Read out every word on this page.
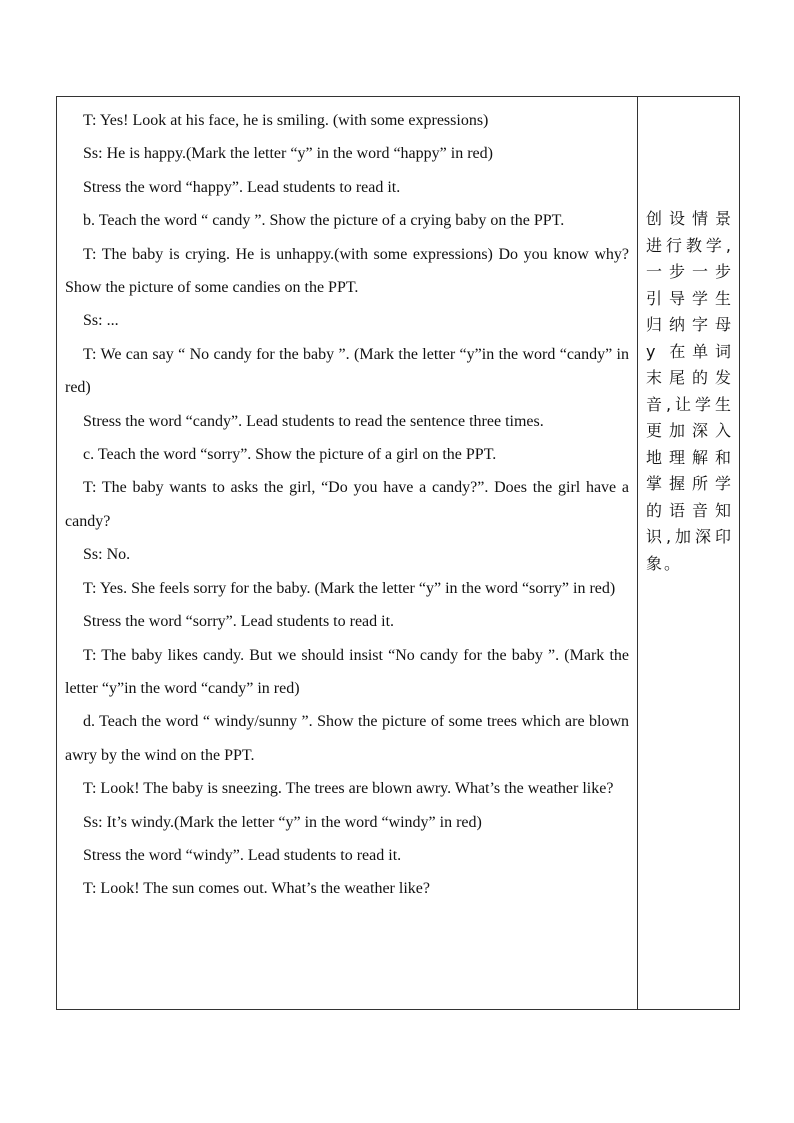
T: Yes! Look at his face, he is smiling. (with some expressions)

Ss: He is happy.(Mark the letter “y” in the word “happy” in red)

Stress the word “happy”. Lead students to read it.

b. Teach the word “ candy ”. Show the picture of a crying baby on the PPT.

T: The baby is crying. He is unhappy.(with some expressions) Do you know why?Show the picture of some candies on the PPT.

Ss: ...

T: We can say “ No candy for the baby ”. (Mark the letter “y”in the word “candy” in red)

Stress the word “candy”. Lead students to read the sentence three times.

c. Teach the word “sorry”. Show the picture of a girl on the PPT.

T: The baby wants to asks the girl, “Do you have a candy?”. Does the girl have a candy?

Ss: No.

T: Yes. She feels sorry for the baby. (Mark the letter “y” in the word “sorry” in red)

Stress the word “sorry”. Lead students to read it.

T: The baby likes candy. But we should insist “No candy for the baby ”. (Mark the letter “y”in the word “candy” in red)

d. Teach the word “ windy/sunny ”. Show the picture of some trees which are blown awry by the wind on the PPT.

T: Look! The baby is sneezing. The trees are blown awry. What’s the weather like?

Ss: It’s windy.(Mark the letter “y” in the word “windy” in red)

Stress the word “windy”. Lead students to read it.

T: Look! The sun comes out. What’s the weather like?

创设情景进行教学,一步一步引导学生归纳字母 y 在单词末尾的发音,让学生更加深入地理解和掌握所学的语音知识,加深印象。
